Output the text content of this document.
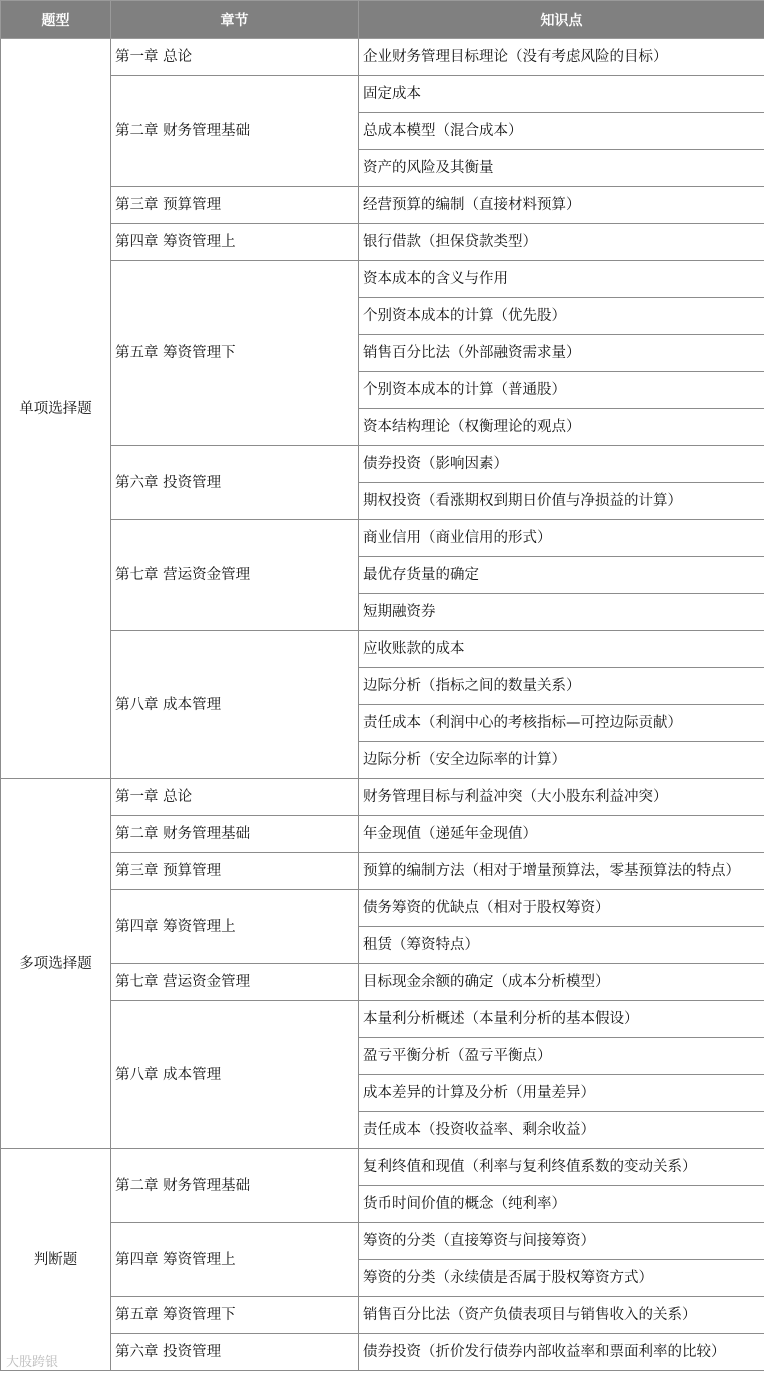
题型	章节	知识点
单项选择题	第一章 总论	企业财务管理目标理论（没有考虑风险的目标）
	第二章 财务管理基础	固定成本
		总成本模型（混合成本）
		资产的风险及其衡量
	第三章 预算管理	经营预算的编制（直接材料预算）
	第四章 筹资管理上	银行借款（担保贷款类型）
	第五章 筹资管理下	资本成本的含义与作用
		个别资本成本的计算（优先股）
		销售百分比法（外部融资需求量）
		个别资本成本的计算（普通股）
		资本结构理论（权衡理论的观点）
	第六章 投资管理	债券投资（影响因素）
		期权投资（看涨期权到期日价值与净损益的计算）
	第七章 营运资金管理	商业信用（商业信用的形式）
		最优存货量的确定
		短期融资券
	第八章 成本管理	应收账款的成本
		边际分析（指标之间的数量关系）
		责任成本（利润中心的考核指标—可控边际贡献）
		边际分析（安全边际率的计算）
多项选择题	第一章 总论	财务管理目标与利益冲突（大小股东利益冲突）
	第二章 财务管理基础	年金现值（递延年金现值）
	第三章 预算管理	预算的编制方法（相对于增量预算法，零基预算法的特点）
	第四章 筹资管理上	债务筹资的优缺点（相对于股权筹资）
		租赁（筹资特点）
	第七章 营运资金管理	目标现金余额的确定（成本分析模型）
	第八章 成本管理	本量利分析概述（本量利分析的基本假设）
		盈亏平衡分析（盈亏平衡点）
		成本差异的计算及分析（用量差异）
		责任成本（投资收益率、剩余收益）
判断题	第二章 财务管理基础	复利终值和现值（利率与复利终值系数的变动关系）
		货币时间价值的概念（纯利率）
	第四章 筹资管理上	筹资的分类（直接筹资与间接筹资）
		筹资的分类（永续债是否属于股权筹资方式）
	第五章 筹资管理下	销售百分比法（资产负债表项目与销售收入的关系）
	第六章 投资管理	债券投资（折价发行债券内部收益率和票面利率的比较）
大股跨银
